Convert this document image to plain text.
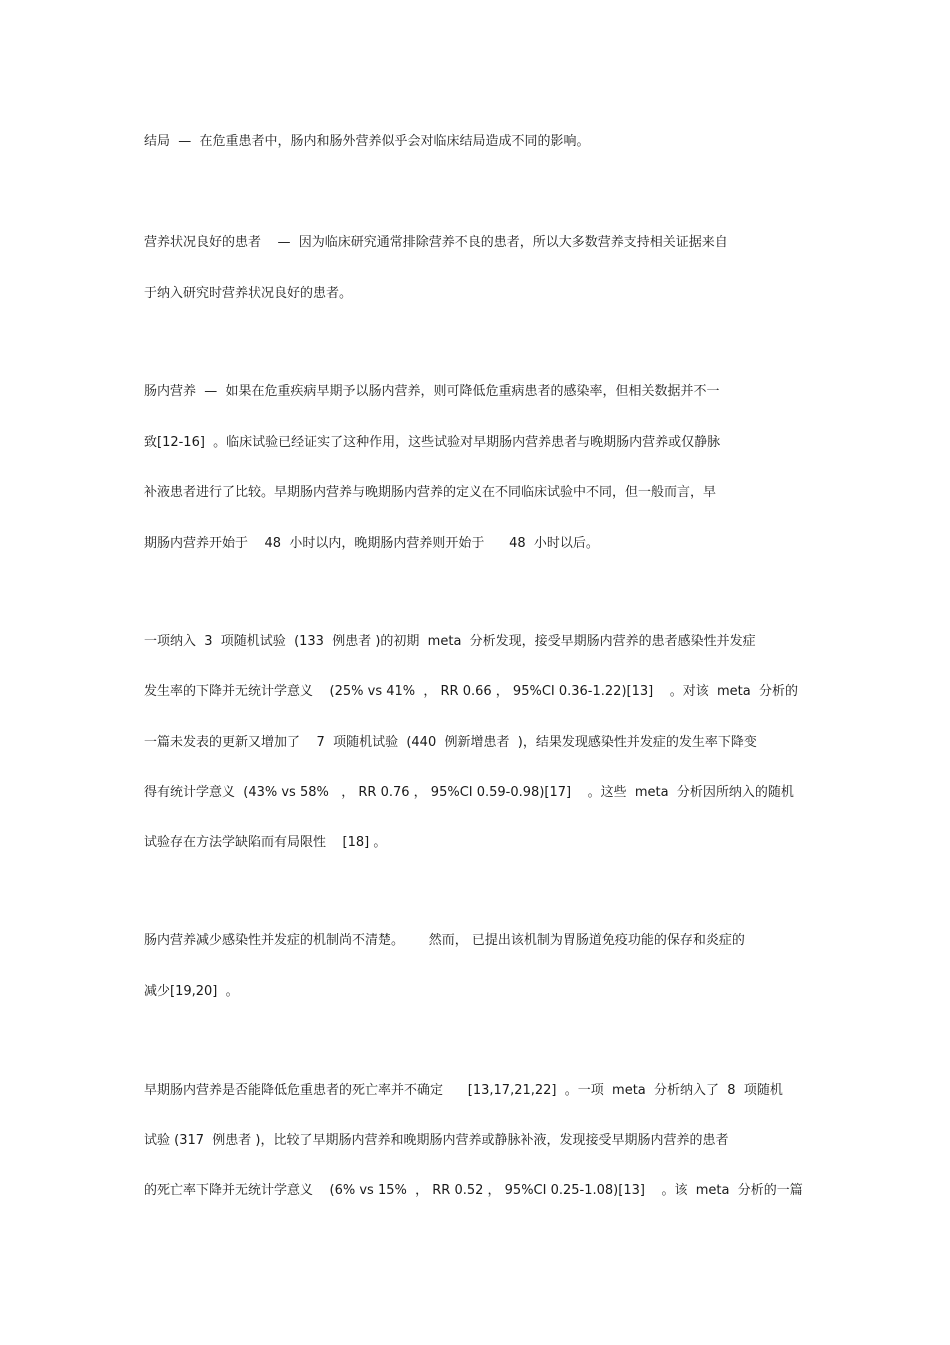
结局  —  在危重患者中，肠内和肠外营养似乎会对临床结局造成不同的影响。
营养状况良好的患者    —  因为临床研究通常排除营养不良的患者，所以大多数营养支持相关证据来自
于纳入研究时营养状况良好的患者。
肠内营养  —  如果在危重疾病早期予以肠内营养，则可降低危重病患者的感染率，但相关数据并不一
致[12-16]  。临床试验已经证实了这种作用，这些试验对早期肠内营养患者与晚期肠内营养或仅静脉
补液患者进行了比较。早期肠内营养与晚期肠内营养的定义在不同临床试验中不同，但一般而言，早
期肠内营养开始于    48  小时以内，晚期肠内营养则开始于      48  小时以后。
一项纳入  3  项随机试验  (133  例患者 )的初期  meta  分析发现，接受早期肠内营养的患者感染性并发症
发生率的下降并无统计学意义    (25% vs 41%  ， RR 0.66 ， 95%CI 0.36-1.22)[13]    。对该  meta  分析的
一篇未发表的更新又增加了    7  项随机试验  (440  例新增患者  )，结果发现感染性并发症的发生率下降变
得有统计学意义  (43% vs 58%   ， RR 0.76 ， 95%CI 0.59-0.98)[17]    。这些  meta  分析因所纳入的随机
试验存在方法学缺陷而有局限性    [18] 。
肠内营养减少感染性并发症的机制尚不清楚。      然而， 已提出该机制为胃肠道免疫功能的保存和炎症的
减少[19,20]  。
早期肠内营养是否能降低危重患者的死亡率并不确定      [13,17,21,22]  。一项  meta  分析纳入了  8  项随机
试验 (317  例患者 )，比较了早期肠内营养和晚期肠内营养或静脉补液，发现接受早期肠内营养的患者
的死亡率下降并无统计学意义    (6% vs 15%  ， RR 0.52 ， 95%CI 0.25-1.08)[13]    。该  meta  分析的一篇
